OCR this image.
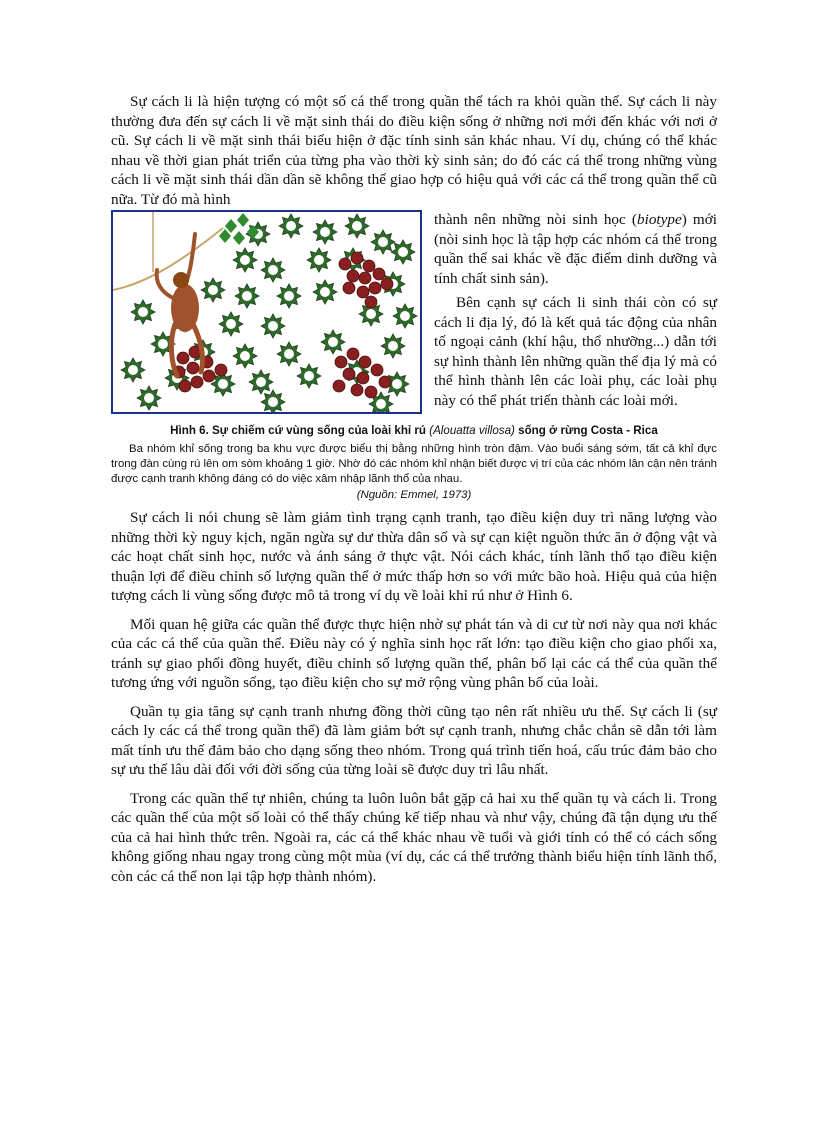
Sự cách li là hiện tượng có một số cá thể trong quần thể tách ra khỏi quần thể. Sự cách li này thường đưa đến sự cách li về mặt sinh thái do điều kiện sống ở những nơi mới đến khác với nơi ở cũ. Sự cách li về mặt sinh thái biểu hiện ở đặc tính sinh sản khác nhau. Ví dụ, chúng có thể khác nhau về thời gian phát triển của từng pha vào thời kỳ sinh sản; do đó các cá thể trong những vùng cách li về mặt sinh thái dần dần sẽ không thể giao hợp có hiệu quả với các cá thể trong quần thể cũ nữa. Từ đó mà hình

thành nên những nòi sinh học (biotype) mới (nòi sinh học là tập hợp các nhóm cá thể trong quần thể sai khác về đặc điểm dinh dưỡng và tính chất sinh sản).

Bên cạnh sự cách li sinh thái còn có sự cách li địa lý, đó là kết quả tác động của nhân tố ngoại cảnh (khí hậu, thổ nhưỡng...) dẫn tới sự hình thành lên những quần thể địa lý mà có thể hình thành lên các loài phụ, các loài phụ này có thể phát triển thành các loài mới.

Hình 6. Sự chiếm cứ vùng sống của loài khỉ rú (Alouatta villosa) sống ở rừng Costa - Rica

Ba nhóm khỉ sống trong ba khu vực được biểu thị bằng những hình tròn đậm. Vào buổi sáng sớm, tất cả khỉ đực trong đàn cùng rú lên om sòm khoảng 1 giờ. Nhờ đó các nhóm khỉ nhận biết được vị trí của các nhóm lân cận nên tránh được cạnh tranh không đáng có do việc xâm nhập lãnh thổ của nhau.

(Nguồn: Emmel, 1973)

Sự cách li nói chung sẽ làm giảm tình trạng cạnh tranh, tạo điều kiện duy trì năng lượng vào những thời kỳ nguy kịch, ngăn ngừa sự dư thừa dân số và sự cạn kiệt nguồn thức ăn ở động vật và các hoạt chất sinh học, nước và ánh sáng ở thực vật. Nói cách khác, tính lãnh thổ tạo điều kiện thuận lợi để điều chỉnh số lượng quần thể ở mức thấp hơn so với mức bão hoà. Hiệu quả của hiện tượng cách li vùng sống được mô tả trong ví dụ về loài khỉ rú như ở Hình 6.

Mối quan hệ giữa các quần thể được thực hiện nhờ sự phát tán và di cư từ nơi này qua nơi khác của các cá thể của quần thể. Điều này có ý nghĩa sinh học rất lớn: tạo điều kiện cho giao phối xa, tránh sự giao phối đồng huyết, điều chỉnh số lượng quần thể, phân bố lại các cá thể của quần thể tương ứng với nguồn sống, tạo điều kiện cho sự mở rộng vùng phân bố của loài.

Quần tụ gia tăng sự cạnh tranh nhưng đồng thời cũng tạo nên rất nhiều ưu thế. Sự cách li (sự cách ly các cá thể trong quần thể) đã làm giảm bớt sự cạnh tranh, nhưng chắc chắn sẽ dẫn tới làm mất tính ưu thế đảm bảo cho dạng sống theo nhóm. Trong quá trình tiến hoá, cấu trúc đảm bảo cho sự ưu thế lâu dài đối với đời sống của từng loài sẽ được duy trì lâu nhất.

Trong các quần thể tự nhiên, chúng ta luôn luôn bắt gặp cả hai xu thế quần tụ và cách li. Trong các quần thể của một số loài có thể thấy chúng kế tiếp nhau và như vậy, chúng đã tận dụng ưu thế của cả hai hình thức trên. Ngoài ra, các cá thể khác nhau về tuổi và giới tính có thể có cách sống không giống nhau ngay trong cùng một mùa (ví dụ, các cá thể trưởng thành biểu hiện tính lãnh thổ, còn các cá thể non lại tập hợp thành nhóm).
